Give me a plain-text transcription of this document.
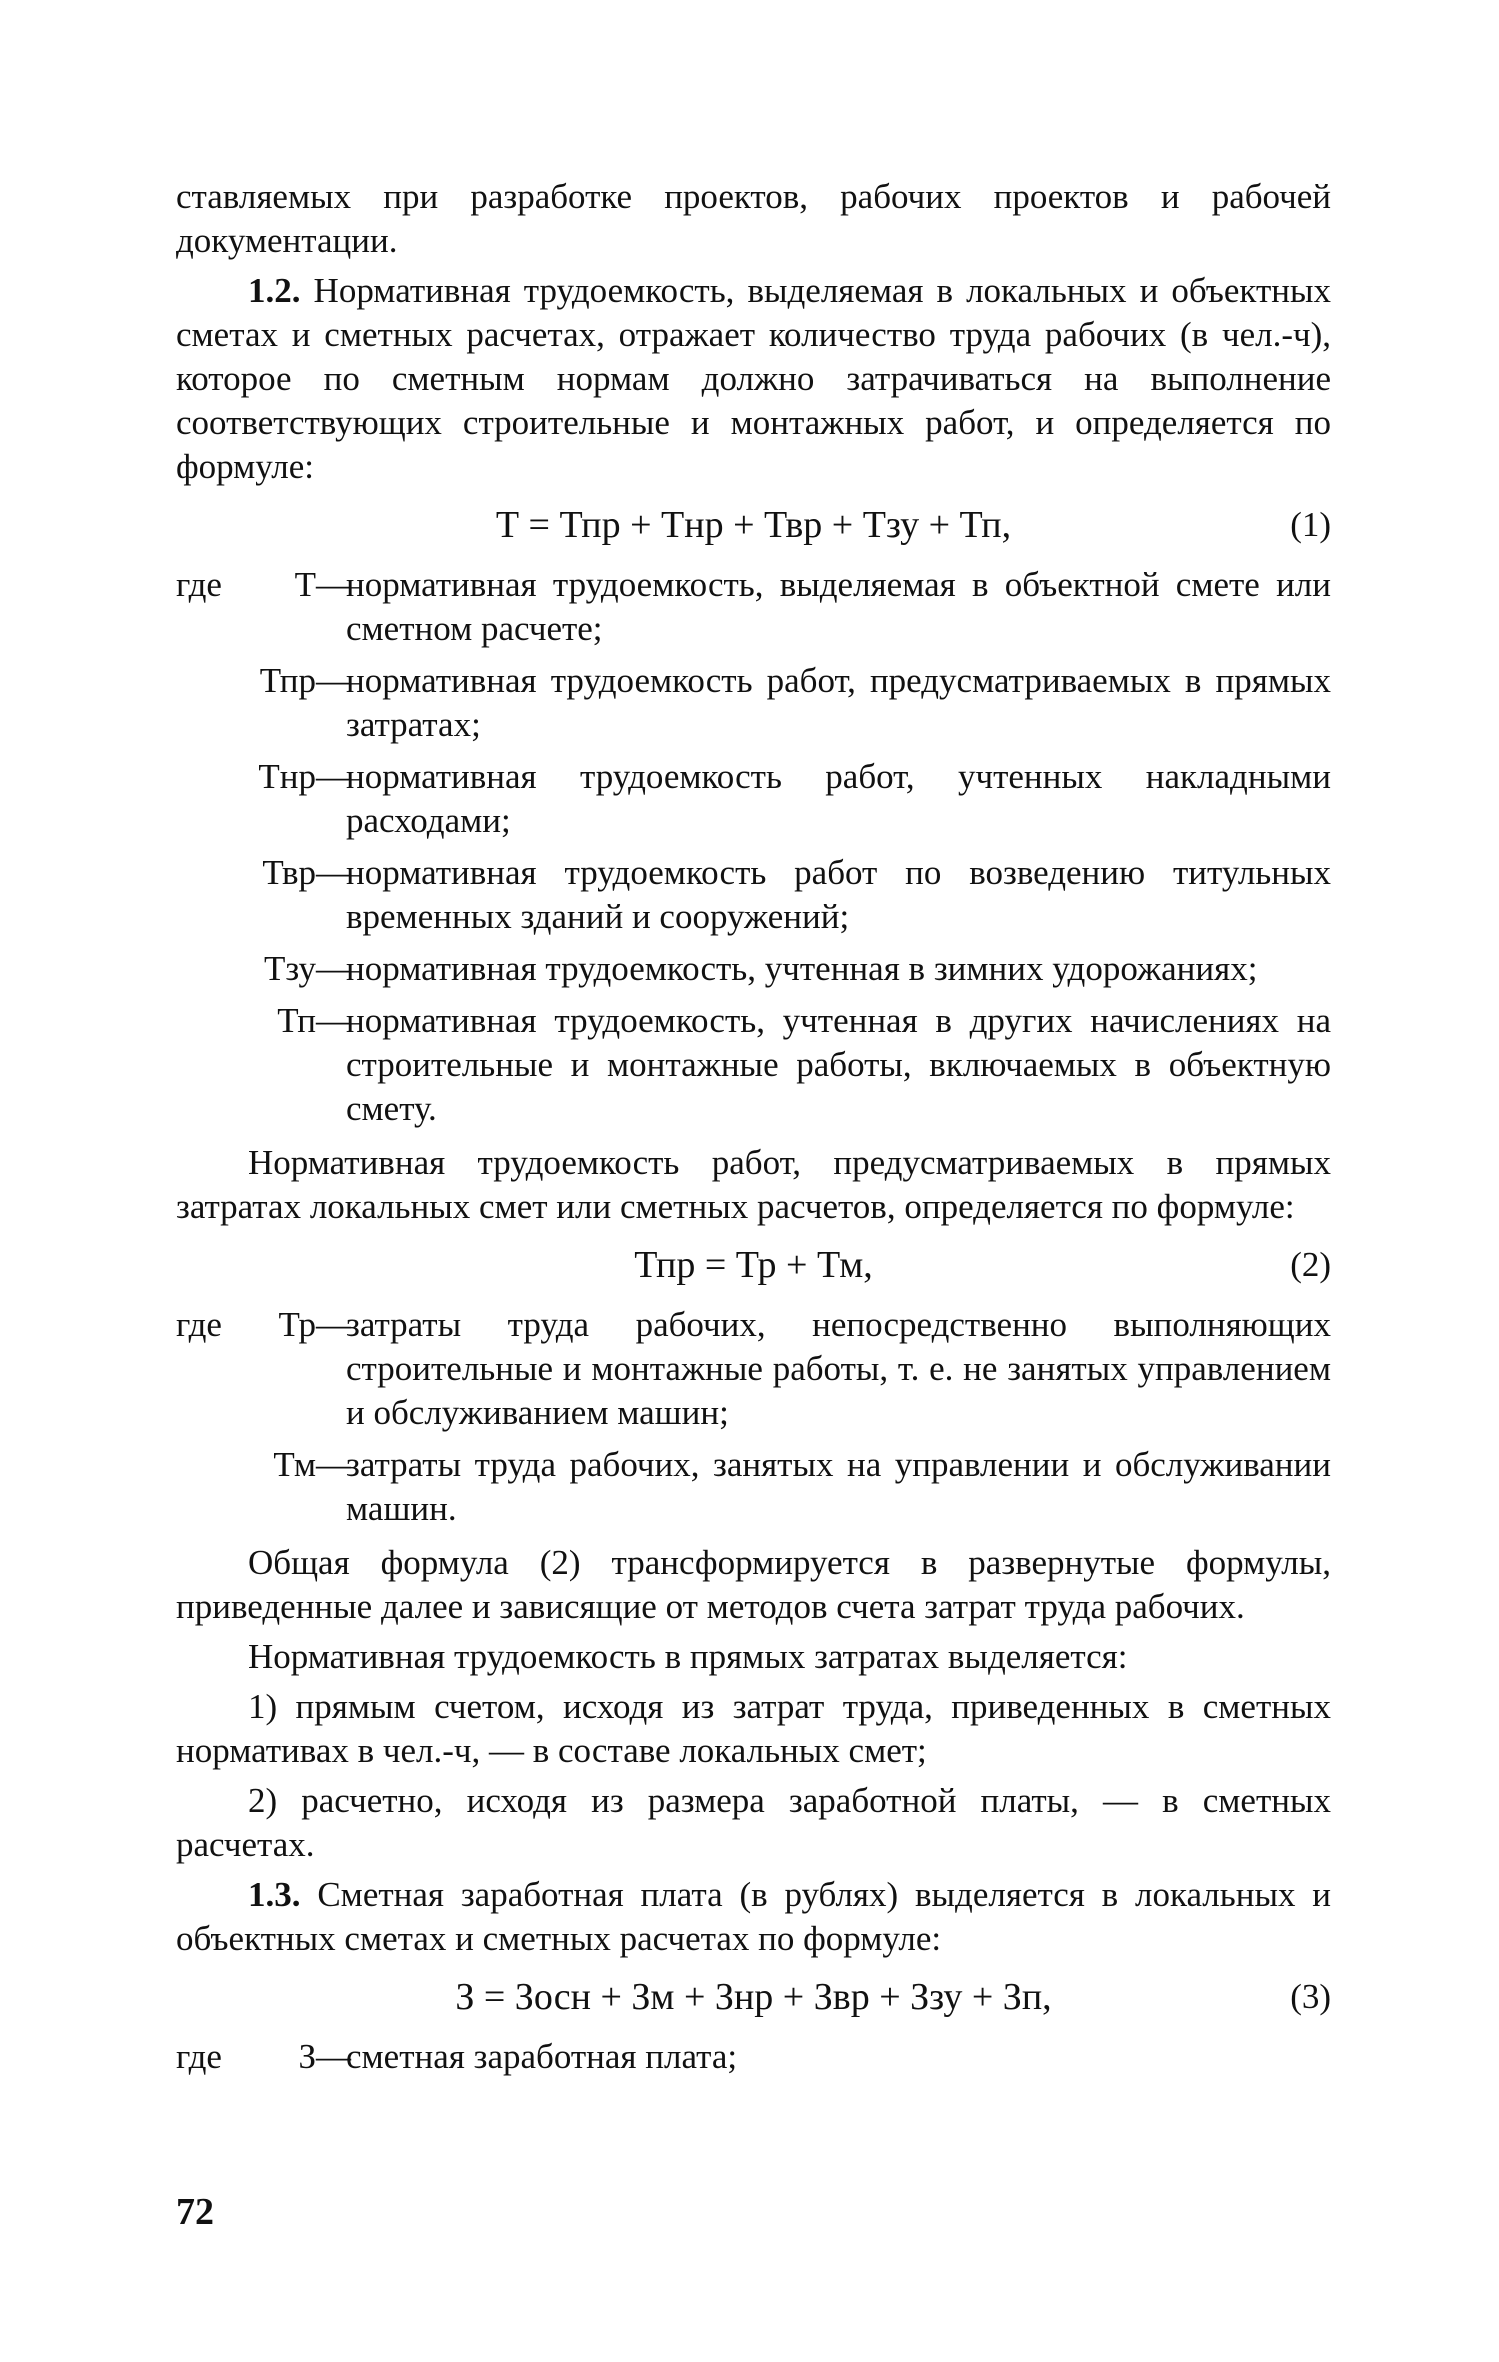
ставляемых при разработке проектов, рабочих проектов и рабочей документации.

1.2. Нормативная трудоемкость, выделяемая в локальных и объектных сметах и сметных расчетах, отражает количество труда рабочих (в чел.-ч), которое по сметным нормам должно затрачиваться на выполнение соответствующих строительные и монтажных работ, и определяется по формуле:

Т = Тпр + Тнр + Твр + Тзу + Тп,	(1)
где	Т —
нормативная трудоемкость, выделяемая в объектной смете или сметном расчете;
Тпр —
нормативная трудоемкость работ, предусматриваемых в прямых затратах;
Тнр —
нормативная трудоемкость работ, учтенных накладными расходами;
Твр —
нормативная трудоемкость работ по возведению титульных временных зданий и сооружений;
Тзу —
нормативная трудоемкость, учтенная в зимних удорожаниях;
Тп —
нормативная трудоемкость, учтенная в других начислениях на строительные и монтажные работы, включаемых в объектную смету.

Нормативная трудоемкость работ, предусматриваемых в прямых затратах локальных смет или сметных расчетов, определяется по формуле:

Тпр = Тр + Тм,	(2)
где	Тр —
затраты труда рабочих, непосредственно выполняющих строительные и монтажные работы, т. е. не занятых управлением и обслуживанием машин;
Тм —
затраты труда рабочих, занятых на управлении и обслуживании машин.

Общая формула (2) трансформируется в развернутые формулы, приведенные далее и зависящие от методов счета затрат труда рабочих.

Нормативная трудоемкость в прямых затратах выделяется:

1) прямым счетом, исходя из затрат труда, приведенных в сметных нормативах в чел.-ч, — в составе локальных смет;

2) расчетно, исходя из размера заработной платы, — в сметных расчетах.

1.3. Сметная заработная плата (в рублях) выделяется в локальных и объектных сметах и сметных расчетах по формуле:

З = Зосн + Зм + Знр + Звр + Ззу + Зп,	(3)
где	З —
сметная заработная плата;
72
